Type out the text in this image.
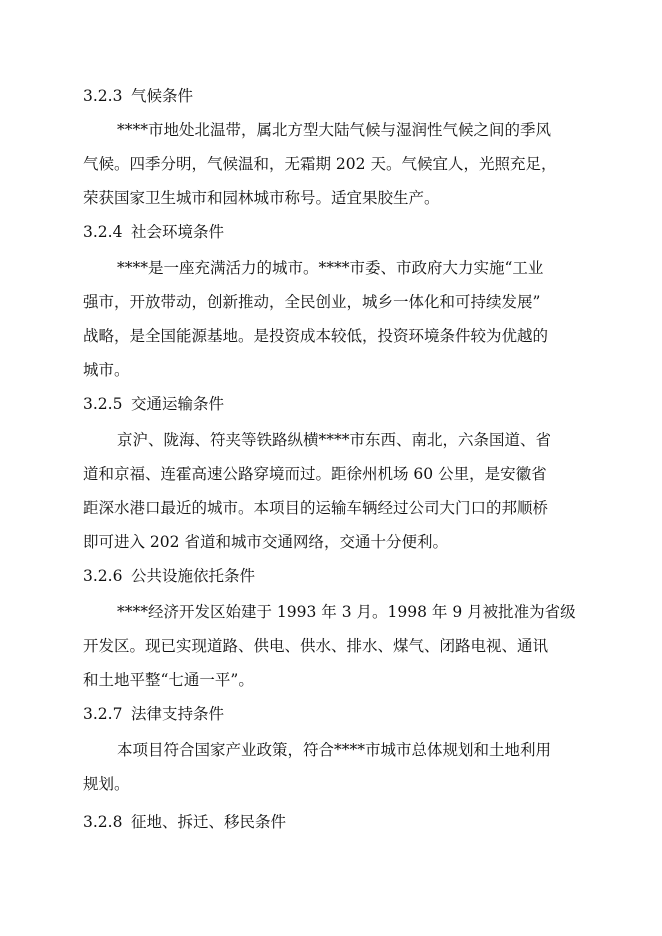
3.2.3 气候条件
****市地处北温带，属北方型大陆气候与湿润性气候之间的季风
气候。四季分明，气候温和，无霜期 202 天。气候宜人，光照充足，
荣获国家卫生城市和园林城市称号。适宜果胶生产。
3.2.4 社会环境条件
****是一座充满活力的城市。****市委、市政府大力实施“工业
强市，开放带动，创新推动，全民创业，城乡一体化和可持续发展”
战略，是全国能源基地。是投资成本较低，投资环境条件较为优越的
城市。
3.2.5 交通运输条件
京沪、陇海、符夹等铁路纵横****市东西、南北，六条国道、省
道和京福、连霍高速公路穿境而过。距徐州机场 60 公里，是安徽省
距深水港口最近的城市。本项目的运输车辆经过公司大门口的邦顺桥
即可进入 202 省道和城市交通网络，交通十分便利。
3.2.6 公共设施依托条件
****经济开发区始建于 1993 年 3 月。1998 年 9 月被批准为省级
开发区。现已实现道路、供电、供水、排水、煤气、闭路电视、通讯
和土地平整“七通一平”。
3.2.7 法律支持条件
本项目符合国家产业政策，符合****市城市总体规划和土地利用
规划。
3.2.8 征地、拆迁、移民条件
